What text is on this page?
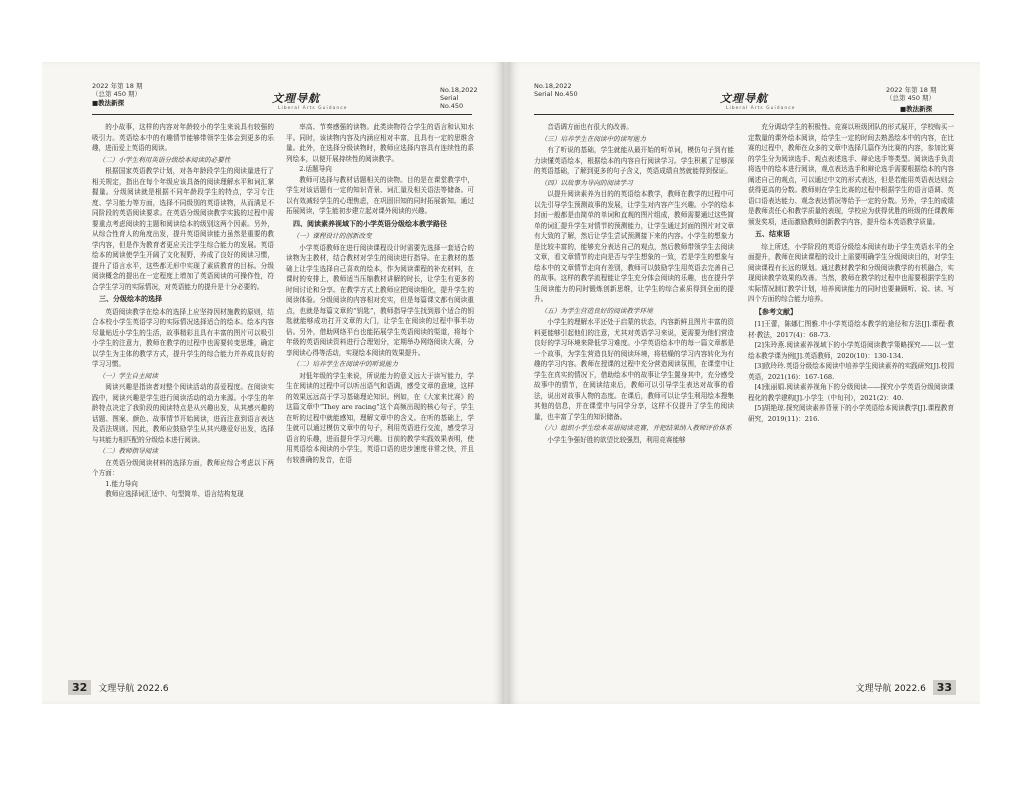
2022 年第 18 期
（总第 450 期）
■教法新探	文理导航
Liberal Arts Guidance
No.18,2022
Serial No.450

的小故事，这样的内容对年龄较小的学生来说具有较强的吸引力。英语绘本中的有趣情节能够带领学生体会到更多的乐趣，进而爱上英语的阅读。

（二）小学生利用英语分级绘本阅读的必要性

根据国家英语教学计划，对各年龄段学生的阅读量进行了相关规定，指出在每个年级应该具备的阅读理解水平和词汇掌握量。分级阅读就是根据不同年龄段学生的特点，学习专注度、学习能力等方面，选择不同级别的英语读物，从而满足不同阶段的英语阅读要求。在英语分级阅读教学实践的过程中需要重点考虑阅读的主题和阅读绘本的级别这两个因素。另外，从综合性育人的角度出发，提升英语阅读能力虽然是重要的教学内容，但是作为教育者更应关注学生综合能力的发展。英语绘本的阅读使学生开阔了文化视野，养成了良好的阅读习惯，提升了语言水平，这些都无形中实现了素质教育的目标。分级阅读概念的提出在一定程度上增加了英语阅读的可操作性，符合学生学习的实际情况，对英语能力的提升是十分必要的。

三、分级绘本的选择

英语阅读教学在绘本的选择上应坚持因材施教的原则，结合本校小学生英语学习的实际情况选择适合的绘本。绘本内容尽量贴近小学生的生活，故事精彩且具有丰富的图片可以吸引小学生的注意力，教师在教学的过程中也需要转变思维，确定以学生为主体的教学方式，提升学生的综合能力并养成良好的学习习惯。

（一）学生自主阅读

阅读兴趣是指读者对整个阅读活动的喜爱程度。在阅读实践中，阅读兴趣是学生进行阅读活动的动力来源。小学生的年龄特点决定了我阶段的阅读特点是从兴趣出发，从其感兴趣的话题、图案、颜色、故事情节开始阅读，进而注意到语言表达及语法规则。因此，教师应鼓励学生从其兴趣爱好出发，选择与其能力相匹配的分级绘本进行阅读。

（二）教师指导阅读

在英语分级阅读材料的选择方面，教师应综合考虑以下两个方面：

1.能力导向

教师应选择词汇适中、句型简单、语言结构复现

率高、节奏感强的读物。此类读物符合学生的语言和认知水平。同时，该读物内容及内涵应相对丰富，且具有一定的思维含量。此外，在选择分级读物时，教师应选择内容具有连续性的系列绘本，以便开展持续性的阅读教学。

2.话题导向

教师可选择与教材话题相关的读物。目的是在课堂教学中，学生对该话题有一定的知识背景、词汇量及相关语法等储备。可以有效减轻学生的心理焦虑，在巩固旧知的同时拓展新知。通过拓展阅读，学生能初步建立起对课外阅读的兴趣。

四、阅读素养视域下的小学英语分级绘本教学路径

（一）课程设计的创新改变

小学英语教师在进行阅读课程设计时需要先选择一套适合的读物为主教材，结合教材对学生的阅读进行指导。在主教材的基础上让学生选择自己喜欢的绘本，作为阅读课程的补充材料，在课时的安排上，教师适当压缩教材讲解的时长，让学生有更多的时间讨论和分享。在教学方式上教师应把阅读细化，提升学生的阅读体验。分级阅读的内容相对充实，但是每篇课文都有阅读重点，也就是每篇文章的“钥匙”，教师指导学生找到那个适合的钥匙就能够成功打开文章的大门，让学生在阅读的过程中事半功倍。另外，借助网络平台也能拓展学生英语阅读的渠道，将每个年级的英语阅读资料进行合理划分，定期举办网络阅读大赛，分享阅读心得等活动，实现绘本阅读的效果提升。

（二）培养学生在阅读中的听说能力

对低年级的学生来说，所说能力的意义远大于读写能力，学生在阅读的过程中可以听出语气和语调，感受文章的意境，这样的效果远远高于学习基础理论知识。例如，在《大家来比赛》的这篇文章中“They are racing”这个高频出现的核心句子，学生在听的过程中就能感知，理解文章中的含义。在听的基础上，学生就可以通过模仿文章中的句子，利用英语进行交流，感受学习语言的乐趣，进而提升学习兴趣。目前的教学实践效果表明，使用英语绘本阅读的小学生，英语口语的进步速度非常之快，并且有较准确的发音，在语

32 文理导航 2022.6
No.18,2022
Serial No.450	文理导航
Liberal Arts Guidance
2022 年第 18 期
（总第 450 期）
■教法新探

音语调方面也有很大的改善。

（三）培养学生在阅读中的读写能力

有了听说的基础，学生就能从最开始的听单词，模仿句子到有能力读懂英语绘本，根据绘本的内容自行阅读学习。学生积累了足够深的英语基础，了解到更多的句子含义，英语成绩自然就能得到保证。

（四）以故事为导向的阅读学习

以提升阅读素养为目的的英语绘本教学，教师在教学的过程中可以先引导学生预测故事的发展，让学生对内容产生兴趣。小学的绘本封面一般都是由简单的单词和直观的图片组成，教师需要通过这些简单的词汇提升学生对情节的预测能力，让学生通过封面的图片对文章有大致的了解，然后让学生尝试预测接下来的内容。小学生的想象力是比较丰富的，能够充分表达自己的观点，然后教师带领学生去阅读文章，看文章情节的走向是否与学生想象的一致，若是学生的想象与绘本中的文章情节走向有差别，教师可以鼓励学生用英语去完善自己的故事。这样的教学流程能让学生充分体会阅读的乐趣，也在提升学生阅读能力的同时锻炼创新思维，让学生的综合素质得到全面的提升。

（五）为学生营造良好的阅读教学环境

小学生的理解水平还处于启蒙的状态，内容新鲜且图片丰富的资料更能够引起他们的注意，尤其对英语学习来说，更需要为他们营造良好的学习环境来降低学习难度。小学英语绘本中的每一篇文章都是一个故事，为学生营造良好的阅读环境，将枯燥的学习内容转化为有趣的学习内容。教师在授课的过程中充分营造阅读氛围，在课堂中让学生在真实的情况下，借助绘本中的故事让学生置身其中，充分感受故事中的情节，在阅读结束后，教师可以引导学生表达对故事的看法，说出对故事人物的态度。在课后，教师可以让学生利用绘本搜集其他的信息，并在课堂中与同学分享，这样不仅提升了学生的阅读量，也丰富了学生的知识储备。

（六）组织小学生绘本英语阅读竞赛，并把结果纳入教师评价体系

小学生争强好胜的欲望比较强烈，利用竞赛能够

充分调动学生的积极性。竞赛以班级团队的形式展开，学校购买一定数量的课外绘本阅读，给学生一定的时间去熟悉绘本中的内容，在比赛的过程中，教师在众多的文章中选择几篇作为比赛的内容，参加比赛的学生分为阅读选手、观点表述选手、辩论选手等类型。阅读选手负责将选中的绘本进行阅读，观点表达选手和辩论选手需要根据绘本的内容阐述自己的观点，可以通过中文的形式表达，但是若能用英语表达则会获得更高的分数。教师则在学生比赛的过程中根据学生的语言语调、英语口语表达能力、观念表达情况等给予一定的分数。另外，学生的成绩是教师责任心和教学质量的表现，学校应为获得优胜的班级的任课教师颁发奖项，进而激励教师创新教学内容，提升绘本英语教学质量。

五、结束语

综上所述，小学阶段的英语分级绘本阅读有助于学生英语水平的全面提升，教师在阅读课程的设计上需要明确学生分级阅读目的，对学生阅读课程有长远的规划。通过教材教学和分级阅读教学的有机融合，实现阅读教学效果的改善。当然，教师在教学的过程中也需要根据学生的实际情况制订教学计划，培养阅读能力的同时也要兼顾听、说、读、写四个方面的综合能力培养。

【参考文献】

[1]王蕾，陈娜仁图雅.中小学英语绘本教学的途径和方法[J].课程·教材·教法，2017(4)：68-73.

[2]朱玲燕.阅读素养视域下的小学英语阅读教学策略探究——以一堂绘本教学课为例[J].英语教师，2020(10)：130-134.

[3]欧玲玲.英语分级绘本阅读中培养学生阅读素养的实践研究[J].校园英语，2021(16)：167-168.

[4]张丽娟.阅读素养视角下的分级阅读——探究小学英语分级阅读课程化的教学建构[J].小学生（中旬刊），2021(2)：40.

[5]胡艳琼.探究阅读素养背景下的小学英语绘本阅读教学[J].课程教育研究，2019(11)：216.

文理导航 2022.6 33
